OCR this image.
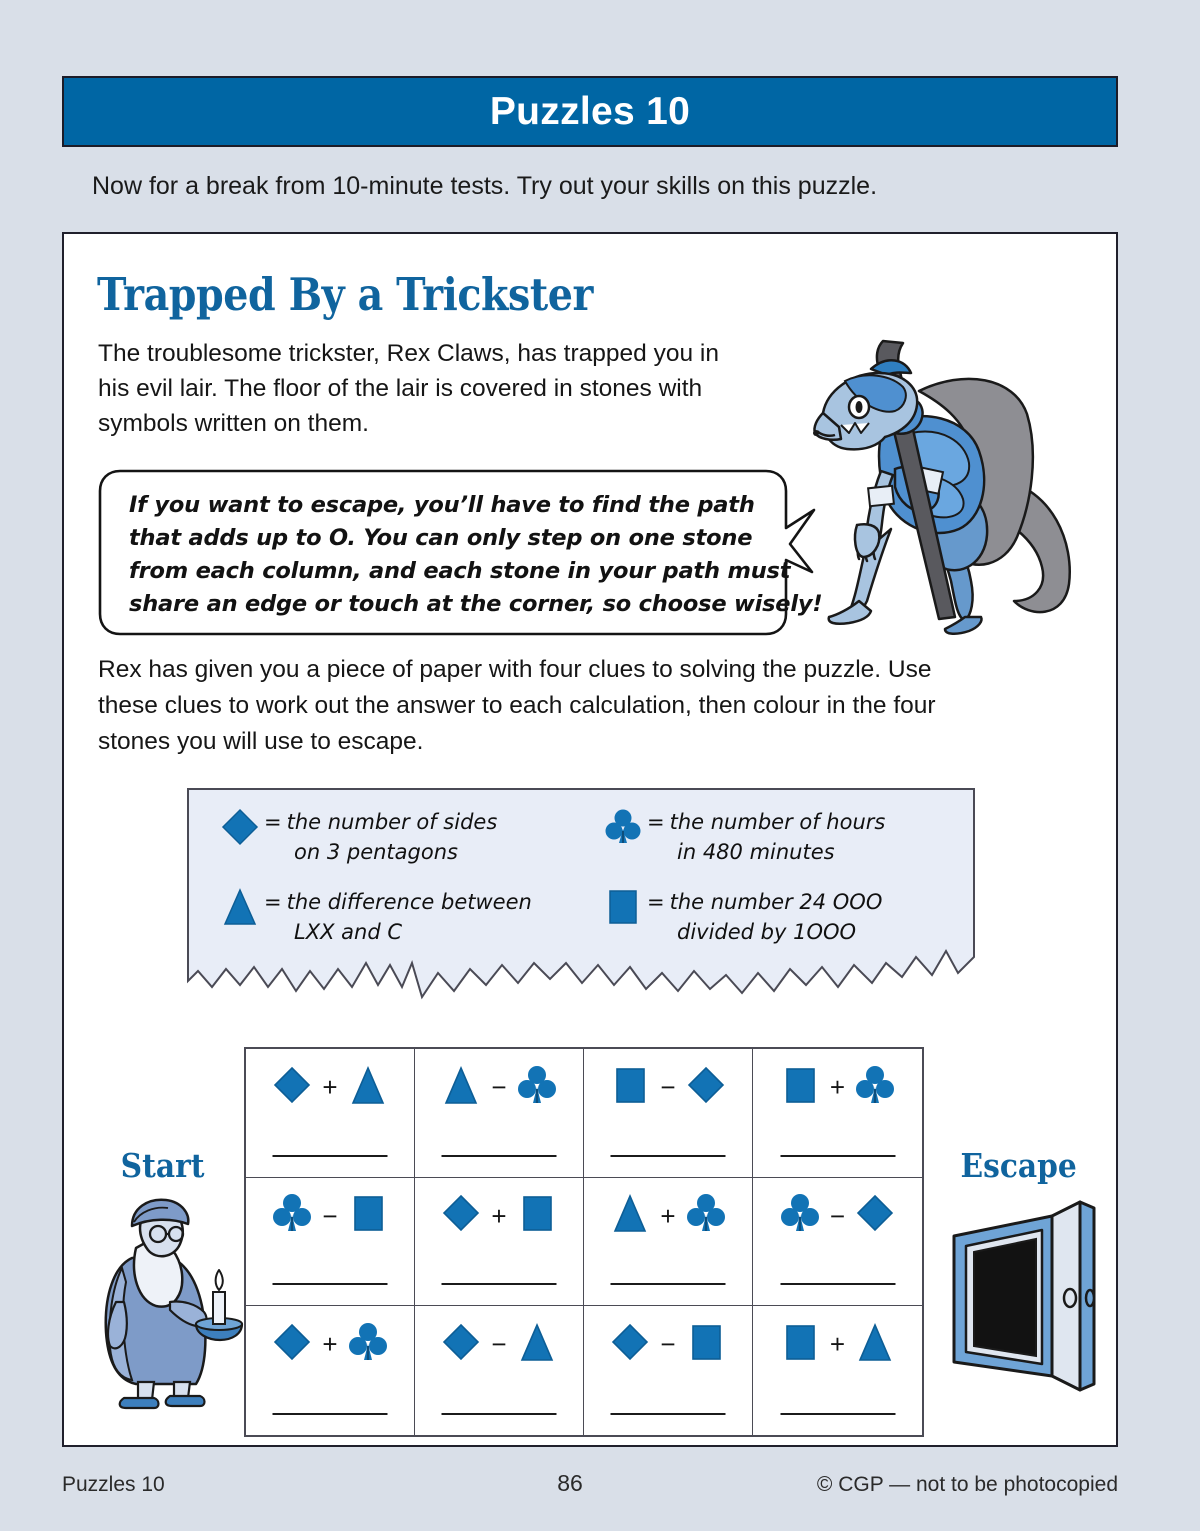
Puzzles 10
Now for a break from 10-minute tests. Try out your skills on this puzzle.
Trapped By a Trickster
The troublesome trickster, Rex Claws, has trapped you in his evil lair. The floor of the lair is covered in stones with symbols written on them.
If you want to escape, you’ll have to find the path
that adds up to O. You can only step on one stone
from each column, and each stone in your path must
share an edge or touch at the corner, so choose wisely!
Rex has given you a piece of paper with four clues to solving the puzzle. Use these clues to work out the answer to each calculation, then colour in the four stones you will use to escape.
= the number of sides
on 3 pentagons
= the number of hours
in 480 minutes
= the difference between
LXX and C
= the number 24 OOO
divided by 1OOO
Start	Escape
+	−	−	+
−	+	+	−
+	−	−	+
Puzzles 10	86	© CGP — not to be photocopied
